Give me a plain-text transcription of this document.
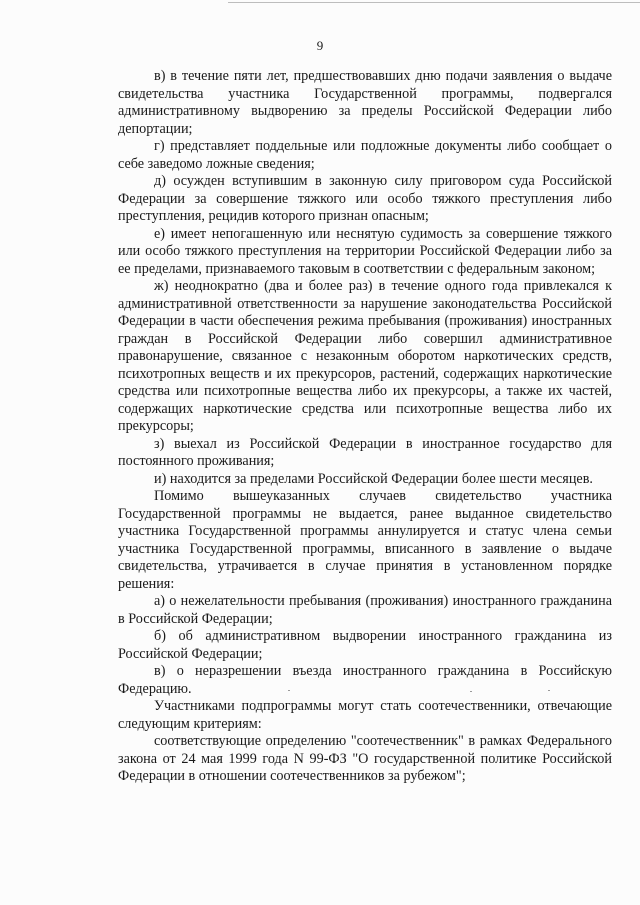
9

в) в течение пяти лет, предшествовавших дню подачи заявления о выдаче свидетельства участника Государственной программы, подвергался административному выдворению за пределы Российской Федерации либо депортации;

г) представляет поддельные или подложные документы либо сообщает о себе заведомо ложные сведения;

д) осужден вступившим в законную силу приговором суда Российской Федерации за совершение тяжкого или особо тяжкого преступления либо преступления, рецидив которого признан опасным;

е) имеет непогашенную или неснятую судимость за совершение тяжкого или особо тяжкого преступления на территории Российской Федерации либо за ее пределами, признаваемого таковым в соответствии с федеральным законом;

ж) неоднократно (два и более раз) в течение одного года привлекался к административной ответственности за нарушение законодательства Российской Федерации в части обеспечения режима пребывания (проживания) иностранных граждан в Российской Федерации либо совершил административное правонарушение, связанное с незаконным оборотом наркотических средств, психотропных веществ и их прекурсоров, растений, содержащих наркотические средства или психотропные вещества либо их прекурсоры, а также их частей, содержащих наркотические средства или психотропные вещества либо их прекурсоры;

з) выехал из Российской Федерации в иностранное государство для постоянного проживания;

и) находится за пределами Российской Федерации более шести месяцев.

Помимо вышеуказанных случаев свидетельство участника Государственной программы не выдается, ранее выданное свидетельство участника Государственной программы аннулируется и статус члена семьи участника Государственной программы, вписанного в заявление о выдаче свидетельства, утрачивается в случае принятия в установленном порядке решения:

а) о нежелательности пребывания (проживания) иностранного гражданина в Российской Федерации;

б) об административном выдворении иностранного гражданина из Российской Федерации;

в) о неразрешении въезда иностранного гражданина в Российскую Федерацию.

Участниками подпрограммы могут стать соотечественники, отвечающие следующим критериям:

соответствующие определению "соотечественник" в рамках Федерального закона от 24 мая 1999 года N 99-ФЗ "О государственной политике Российской Федерации в отношении соотечественников за рубежом";
